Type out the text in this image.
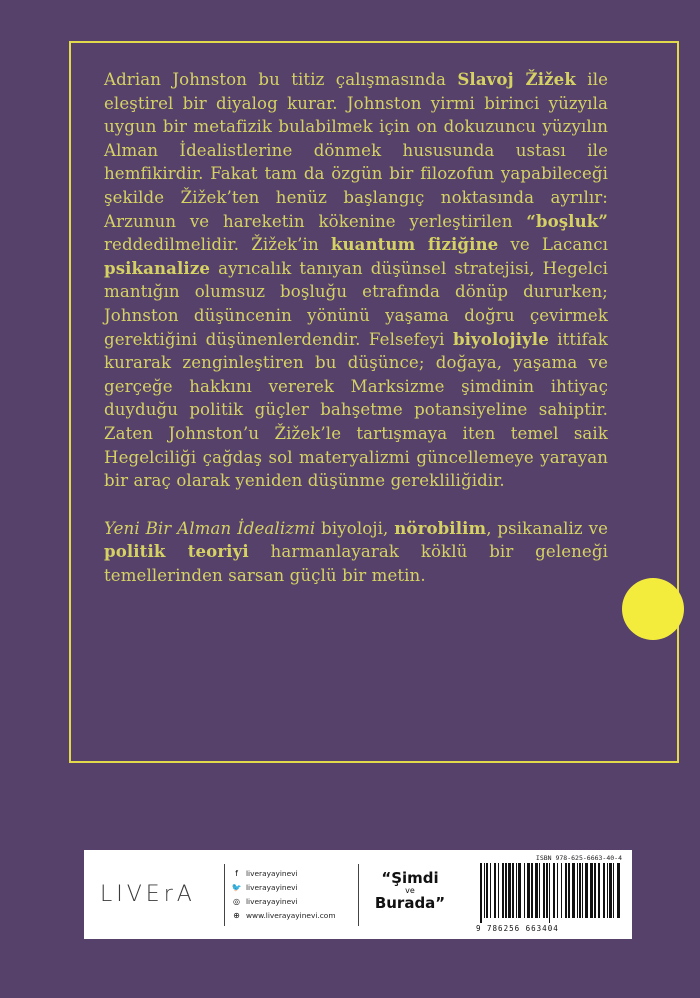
Adrian Johnston bu titiz çalışmasında Slavoj Žižek ile eleştirel bir diyalog kurar. Johnston yirmi birinci yüzyıla uygun bir metafizik bulabilmek için on dokuzuncu yüzyılın Alman İdealistlerine dönmek hususunda ustası ile hemfikirdir. Fakat tam da özgün bir filozofun yapabileceği şekilde Žižek’ten henüz başlangıç noktasında ayrılır: Arzunun ve hareketin kökenine yerleştirilen “boşluk” reddedilmelidir. Žižek’in kuantum fiziğine ve Lacancı psikanalize ayrıcalık tanıyan düşünsel stratejisi, Hegelci mantığın olumsuz boşluğu etrafında dönüp dururken; Johnston düşüncenin yönünü yaşama doğru çevirmek gerektiğini düşünenlerdendir. Felsefeyi biyolojiyle ittifak kurarak zenginleştiren bu düşünce; doğaya, yaşama ve gerçeğe hakkını vererek Marksizme şimdinin ihtiyaç duyduğu politik güçler bahşetme potansiyeline sahiptir. Zaten Johnston’u Žižek’le tartışmaya iten temel saik Hegelciliği çağdaş sol materyalizmi güncellemeye yarayan bir araç olarak yeniden düşünme gerekliliğidir.

Yeni Bir Alman İdealizmi biyoloji, nörobilim, psikanaliz ve politik teoriyi harmanlayarak köklü bir geleneği temellerinden sarsan güçlü bir metin.

LIVErA
f	liverayayinevi
🐦 liverayayinevi
◎ liverayayinevi
⊕ www.liverayayinevi.com
“Şimdi
ve
Burada”
ISBN 978-625-6663-40-4
9 786256 663404
